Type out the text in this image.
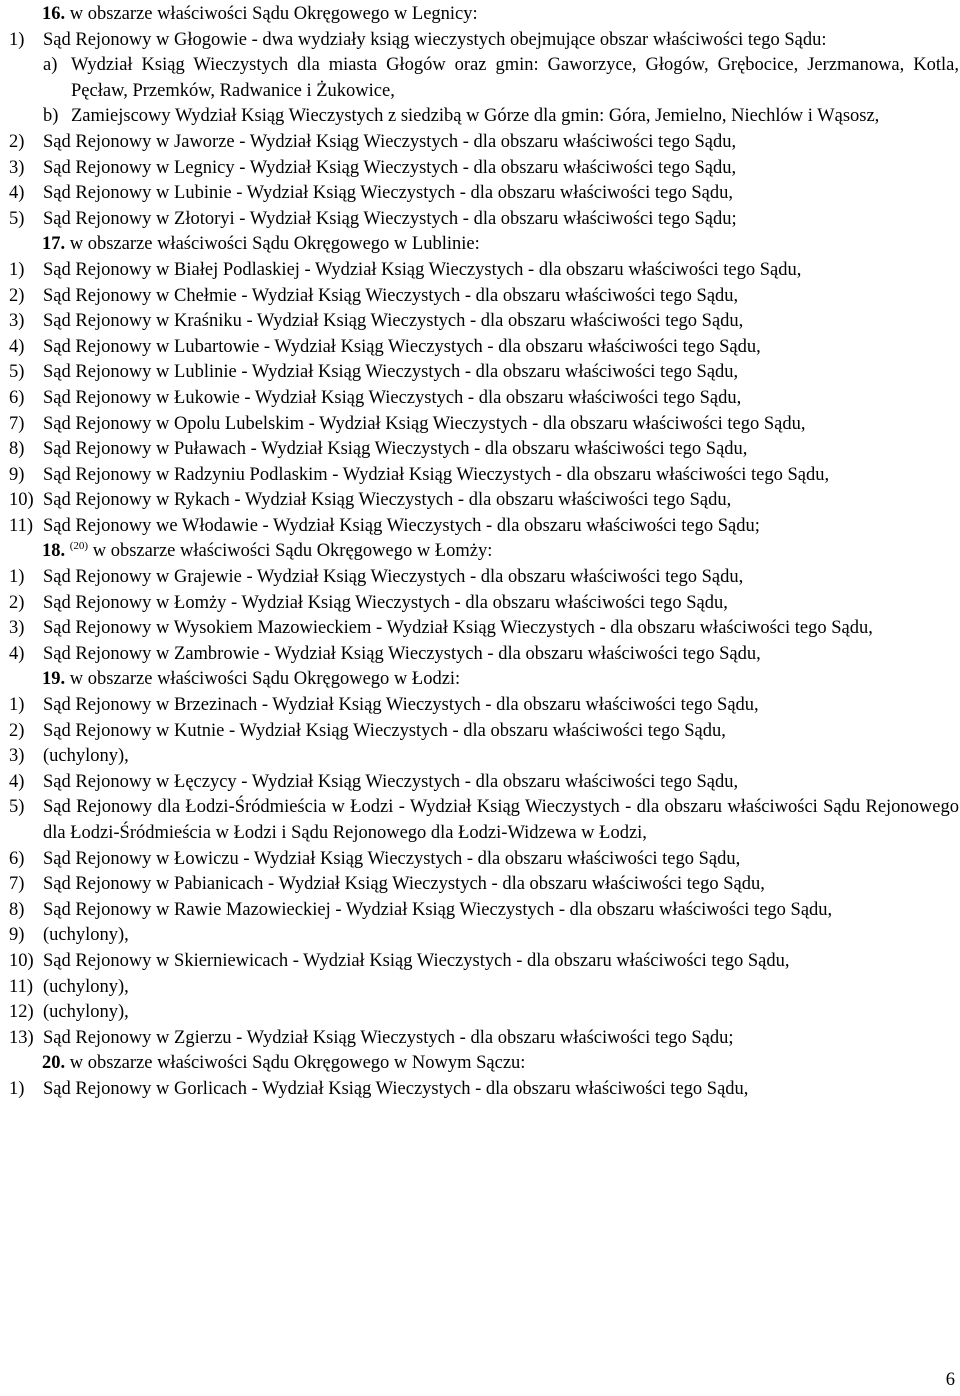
16. w obszarze właściwości Sądu Okręgowego w Legnicy:
1)	Sąd Rejonowy w Głogowie - dwa wydziały ksiąg wieczystych obejmujące obszar właściwości tego Sądu:
a) Wydział Ksiąg Wieczystych dla miasta Głogów oraz gmin: Gaworzyce, Głogów, Grębocice, Jerzmanowa, Kotla, Pęcław, Przemków, Radwanice i Żukowice,
b) Zamiejscowy Wydział Ksiąg Wieczystych z siedzibą w Górze dla gmin: Góra, Jemielno, Niechlów i Wąsosz,
2)	Sąd Rejonowy w Jaworze - Wydział Ksiąg Wieczystych - dla obszaru właściwości tego Sądu,
3)	Sąd Rejonowy w Legnicy - Wydział Ksiąg Wieczystych - dla obszaru właściwości tego Sądu,
4)	Sąd Rejonowy w Lubinie - Wydział Ksiąg Wieczystych - dla obszaru właściwości tego Sądu,
5)	Sąd Rejonowy w Złotoryi - Wydział Ksiąg Wieczystych - dla obszaru właściwości tego Sądu;
17. w obszarze właściwości Sądu Okręgowego w Lublinie:
1)	Sąd Rejonowy w Białej Podlaskiej - Wydział Ksiąg Wieczystych - dla obszaru właściwości tego Sądu,
2)	Sąd Rejonowy w Chełmie - Wydział Ksiąg Wieczystych - dla obszaru właściwości tego Sądu,
3)	Sąd Rejonowy w Kraśniku - Wydział Ksiąg Wieczystych - dla obszaru właściwości tego Sądu,
4)	Sąd Rejonowy w Lubartowie - Wydział Ksiąg Wieczystych - dla obszaru właściwości tego Sądu,
5)	Sąd Rejonowy w Lublinie - Wydział Ksiąg Wieczystych - dla obszaru właściwości tego Sądu,
6)	Sąd Rejonowy w Łukowie - Wydział Ksiąg Wieczystych - dla obszaru właściwości tego Sądu,
7)	Sąd Rejonowy w Opolu Lubelskim - Wydział Ksiąg Wieczystych - dla obszaru właściwości tego Sądu,
8)	Sąd Rejonowy w Puławach - Wydział Ksiąg Wieczystych - dla obszaru właściwości tego Sądu,
9)	Sąd Rejonowy w Radzyniu Podlaskim - Wydział Ksiąg Wieczystych - dla obszaru właściwości tego Sądu,
10) Sąd Rejonowy w Rykach - Wydział Ksiąg Wieczystych - dla obszaru właściwości tego Sądu,
11) Sąd Rejonowy we Włodawie - Wydział Ksiąg Wieczystych - dla obszaru właściwości tego Sądu;
18. $^{(20)}$ w obszarze właściwości Sądu Okręgowego w Łomży:
1)	Sąd Rejonowy w Grajewie - Wydział Ksiąg Wieczystych - dla obszaru właściwości tego Sądu,
2)	Sąd Rejonowy w Łomży - Wydział Ksiąg Wieczystych - dla obszaru właściwości tego Sądu,
3)	Sąd Rejonowy w Wysokiem Mazowieckiem - Wydział Ksiąg Wieczystych - dla obszaru właściwości tego Sądu,
4)	Sąd Rejonowy w Zambrowie - Wydział Ksiąg Wieczystych - dla obszaru właściwości tego Sądu,
19. w obszarze właściwości Sądu Okręgowego w Łodzi:
1)	Sąd Rejonowy w Brzezinach - Wydział Ksiąg Wieczystych - dla obszaru właściwości tego Sądu,
2)	Sąd Rejonowy w Kutnie - Wydział Ksiąg Wieczystych - dla obszaru właściwości tego Sądu,
3)	(uchylony),
4)	Sąd Rejonowy w Łęczycy - Wydział Ksiąg Wieczystych - dla obszaru właściwości tego Sądu,
5)	Sąd Rejonowy dla Łodzi-Śródmieścia w Łodzi - Wydział Ksiąg Wieczystych - dla obszaru właściwości Sądu Rejonowego dla Łodzi-Śródmieścia w Łodzi i Sądu Rejonowego dla Łodzi-Widzewa w Łodzi,
6)	Sąd Rejonowy w Łowiczu - Wydział Ksiąg Wieczystych - dla obszaru właściwości tego Sądu,
7)	Sąd Rejonowy w Pabianicach - Wydział Ksiąg Wieczystych - dla obszaru właściwości tego Sądu,
8)	Sąd Rejonowy w Rawie Mazowieckiej - Wydział Ksiąg Wieczystych - dla obszaru właściwości tego Sądu,
9)	(uchylony),
10) Sąd Rejonowy w Skierniewicach - Wydział Ksiąg Wieczystych - dla obszaru właściwości tego Sądu,
11) (uchylony),
12) (uchylony),
13) Sąd Rejonowy w Zgierzu - Wydział Ksiąg Wieczystych - dla obszaru właściwości tego Sądu;
20. w obszarze właściwości Sądu Okręgowego w Nowym Sączu:
1)	Sąd Rejonowy w Gorlicach - Wydział Ksiąg Wieczystych - dla obszaru właściwości tego Sądu,
6
